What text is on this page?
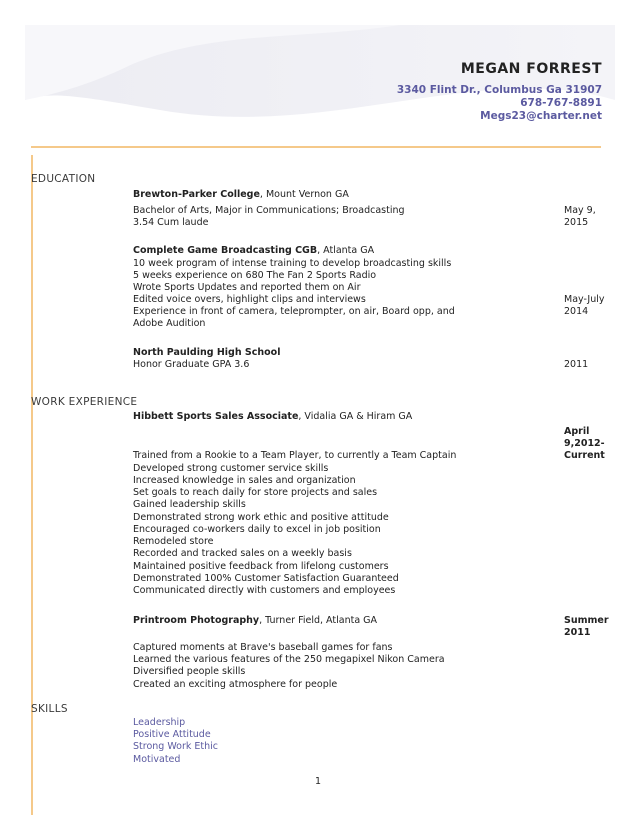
MEGAN FORREST
3340 Flint Dr., Columbus Ga 31907
678-767-8891
Megs23@charter.net
EDUCATION
Brewton-Parker College, Mount Vernon GA
Bachelor of Arts, Major in Communications; Broadcasting
3.54 Cum laude
May 9,
2015
Complete Game Broadcasting CGB, Atlanta GA
10 week program of intense training to develop broadcasting skills
5 weeks experience on 680 The Fan 2 Sports Radio
Wrote Sports Updates and reported them on Air
Edited voice overs, highlight clips and interviews
Experience in front of camera, teleprompter, on air, Board opp, and
Adobe Audition
May-July
2014
North Paulding High School
Honor Graduate GPA 3.6	2011
WORK EXPERIENCE
Hibbett Sports Sales Associate, Vidalia GA & Hiram GA
April
9,2012-
Current
Trained from a Rookie to a Team Player, to currently a Team Captain
Developed strong customer service skills
Increased knowledge in sales and organization
Set goals to reach daily for store projects and sales
Gained leadership skills
Demonstrated strong work ethic and positive attitude
Encouraged co-workers daily to excel in job position
Remodeled store
Recorded and tracked sales on a weekly basis
Maintained positive feedback from lifelong customers
Demonstrated 100% Customer Satisfaction Guaranteed
Communicated directly with customers and employees
Printroom Photography, Turner Field, Atlanta GA	Summer
2011
Captured moments at Brave's baseball games for fans
Learned the various features of the 250 megapixel Nikon Camera
Diversified people skills
Created an exciting atmosphere for people
SKILLS
Leadership
Positive Attitude
Strong Work Ethic
Motivated
1
